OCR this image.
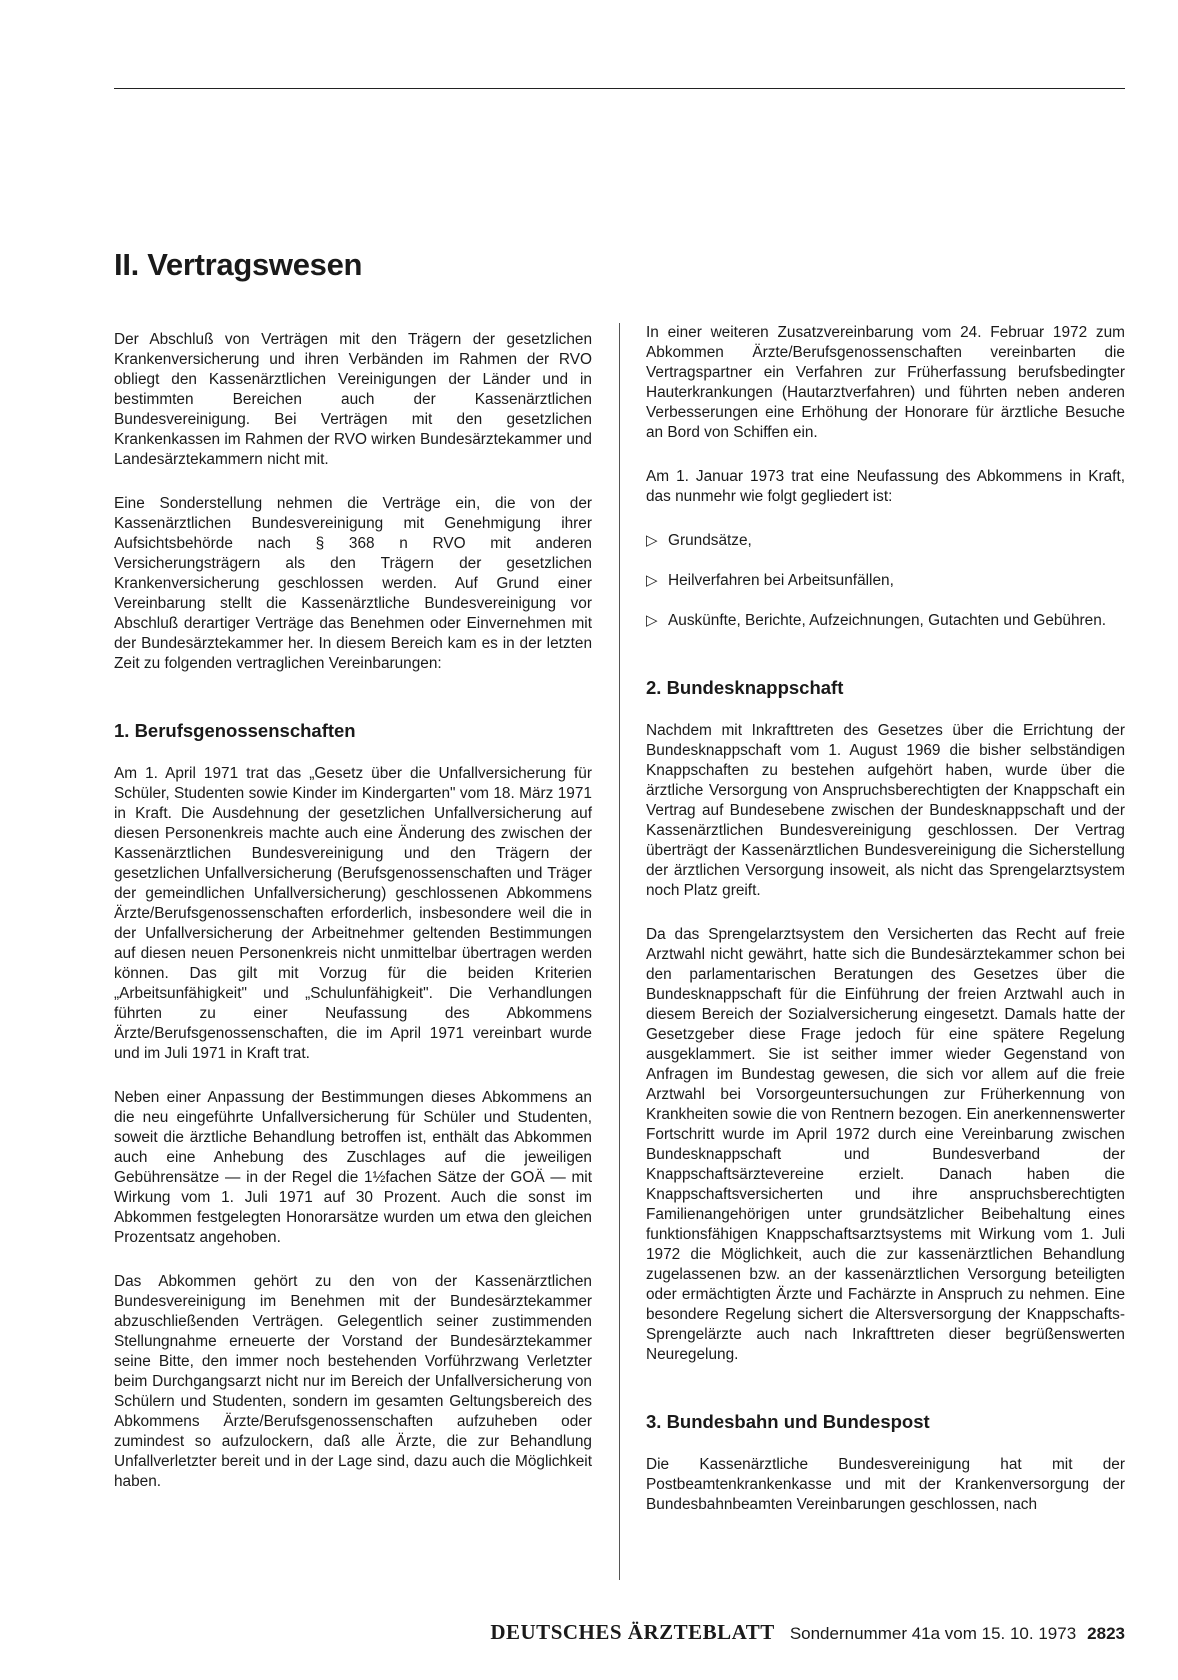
II. Vertragswesen

Der Abschluß von Verträgen mit den Trägern der gesetzlichen Krankenversicherung und ihren Verbänden im Rahmen der RVO obliegt den Kassenärztlichen Vereinigungen der Länder und in bestimmten Bereichen auch der Kassenärztlichen Bundesvereinigung. Bei Verträgen mit den gesetzlichen Krankenkassen im Rahmen der RVO wirken Bundesärztekammer und Landesärztekammern nicht mit.

Eine Sonderstellung nehmen die Verträge ein, die von der Kassenärztlichen Bundesvereinigung mit Genehmigung ihrer Aufsichtsbehörde nach § 368 n RVO mit anderen Versicherungsträgern als den Trägern der gesetzlichen Krankenversicherung geschlossen werden. Auf Grund einer Vereinbarung stellt die Kassenärztliche Bundesvereinigung vor Abschluß derartiger Verträge das Benehmen oder Einvernehmen mit der Bundesärztekammer her. In diesem Bereich kam es in der letzten Zeit zu folgenden vertraglichen Vereinbarungen:

1. Berufsgenossenschaften

Am 1. April 1971 trat das „Gesetz über die Unfallversicherung für Schüler, Studenten sowie Kinder im Kindergarten" vom 18. März 1971 in Kraft. Die Ausdehnung der gesetzlichen Unfallversicherung auf diesen Personenkreis machte auch eine Änderung des zwischen der Kassenärztlichen Bundesvereinigung und den Trägern der gesetzlichen Unfallversicherung (Berufsgenossenschaften und Träger der gemeindlichen Unfallversicherung) geschlossenen Abkommens Ärzte/Berufsgenossenschaften erforderlich, insbesondere weil die in der Unfallversicherung der Arbeitnehmer geltenden Bestimmungen auf diesen neuen Personenkreis nicht unmittelbar übertragen werden können. Das gilt mit Vorzug für die beiden Kriterien „Arbeitsunfähigkeit" und „Schulunfähigkeit". Die Verhandlungen führten zu einer Neufassung des Abkommens Ärzte/Berufsgenossenschaften, die im April 1971 vereinbart wurde und im Juli 1971 in Kraft trat.

Neben einer Anpassung der Bestimmungen dieses Abkommens an die neu eingeführte Unfallversicherung für Schüler und Studenten, soweit die ärztliche Behandlung betroffen ist, enthält das Abkommen auch eine Anhebung des Zuschlages auf die jeweiligen Gebührensätze — in der Regel die 1½fachen Sätze der GOÄ — mit Wirkung vom 1. Juli 1971 auf 30 Prozent. Auch die sonst im Abkommen festgelegten Honorarsätze wurden um etwa den gleichen Prozentsatz angehoben.

Das Abkommen gehört zu den von der Kassenärztlichen Bundesvereinigung im Benehmen mit der Bundesärztekammer abzuschließenden Verträgen. Gelegentlich seiner zustimmenden Stellungnahme erneuerte der Vorstand der Bundesärztekammer seine Bitte, den immer noch bestehenden Vorführzwang Verletzter beim Durchgangsarzt nicht nur im Bereich der Unfallversicherung von Schülern und Studenten, sondern im gesamten Geltungsbereich des Abkommens Ärzte/Berufsgenossenschaften aufzuheben oder zumindest so aufzulockern, daß alle Ärzte, die zur Behandlung Unfallverletzter bereit und in der Lage sind, dazu auch die Möglichkeit haben.

In einer weiteren Zusatzvereinbarung vom 24. Februar 1972 zum Abkommen Ärzte/Berufsgenossenschaften vereinbarten die Vertragspartner ein Verfahren zur Früherfassung berufsbedingter Hauterkrankungen (Hautarztverfahren) und führten neben anderen Verbesserungen eine Erhöhung der Honorare für ärztliche Besuche an Bord von Schiffen ein.

Am 1. Januar 1973 trat eine Neufassung des Abkommens in Kraft, das nunmehr wie folgt gegliedert ist:

▷ Grundsätze,
▷ Heilverfahren bei Arbeitsunfällen,
▷ Auskünfte, Berichte, Aufzeichnungen, Gutachten und Gebühren.
2. Bundesknappschaft

Nachdem mit Inkrafttreten des Gesetzes über die Errichtung der Bundesknappschaft vom 1. August 1969 die bisher selbständigen Knappschaften zu bestehen aufgehört haben, wurde über die ärztliche Versorgung von Anspruchsberechtigten der Knappschaft ein Vertrag auf Bundesebene zwischen der Bundesknappschaft und der Kassenärztlichen Bundesvereinigung geschlossen. Der Vertrag überträgt der Kassenärztlichen Bundesvereinigung die Sicherstellung der ärztlichen Versorgung insoweit, als nicht das Sprengelarztsystem noch Platz greift.

Da das Sprengelarztsystem den Versicherten das Recht auf freie Arztwahl nicht gewährt, hatte sich die Bundesärztekammer schon bei den parlamentarischen Beratungen des Gesetzes über die Bundesknappschaft für die Einführung der freien Arztwahl auch in diesem Bereich der Sozialversicherung eingesetzt. Damals hatte der Gesetzgeber diese Frage jedoch für eine spätere Regelung ausgeklammert. Sie ist seither immer wieder Gegenstand von Anfragen im Bundestag gewesen, die sich vor allem auf die freie Arztwahl bei Vorsorgeuntersuchungen zur Früherkennung von Krankheiten sowie die von Rentnern bezogen. Ein anerkennenswerter Fortschritt wurde im April 1972 durch eine Vereinbarung zwischen Bundesknappschaft und Bundesverband der Knappschaftsärztevereine erzielt. Danach haben die Knappschaftsversicherten und ihre anspruchsberechtigten Familienangehörigen unter grundsätzlicher Beibehaltung eines funktionsfähigen Knappschaftsarztsystems mit Wirkung vom 1. Juli 1972 die Möglichkeit, auch die zur kassenärztlichen Behandlung zugelassenen bzw. an der kassenärztlichen Versorgung beteiligten oder ermächtigten Ärzte und Fachärzte in Anspruch zu nehmen. Eine besondere Regelung sichert die Altersversorgung der Knappschafts-Sprengelärzte auch nach Inkrafttreten dieser begrüßenswerten Neuregelung.

3. Bundesbahn und Bundespost

Die Kassenärztliche Bundesvereinigung hat mit der Postbeamtenkrankenkasse und mit der Krankenversorgung der Bundesbahnbeamten Vereinbarungen geschlossen, nach

DEUTSCHES ÄRZTEBLATT Sondernummer 41a vom 15. 10. 1973 2823
